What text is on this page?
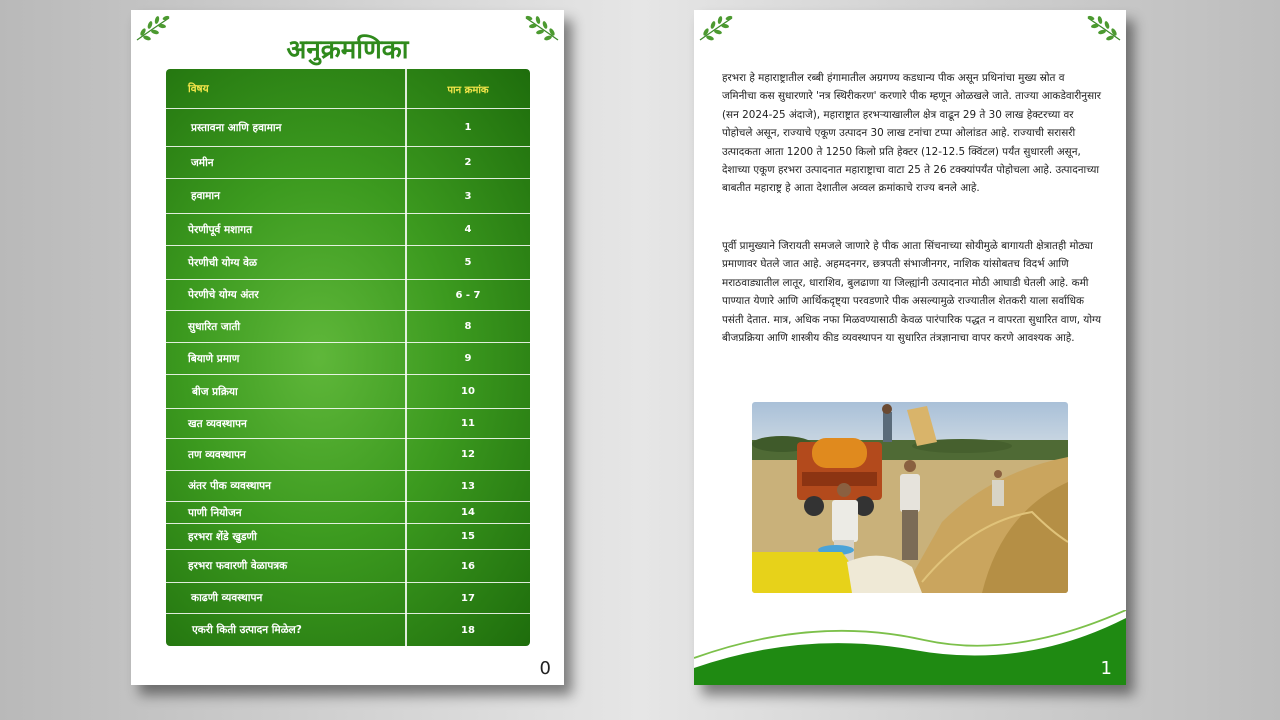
अनुक्रमणिका
विषय	पान क्रमांक
प्रस्तावना आणि हवामान	1
जमीन	2
हवामान	3
पेरणीपूर्व मशागत	4
पेरणीची योग्य वेळ	5
पेरणीचे योग्य अंतर	6 - 7
सुधारित जाती	8
बियाणे प्रमाण	9
बीज प्रक्रिया	10
खत व्यवस्थापन	11
तण व्यवस्थापन	12
अंतर पीक व्यवस्थापन	13
पाणी नियोजन	14
हरभरा शेंडे खुडणी	15
हरभरा फवारणी वेळापत्रक	16
काढणी व्यवस्थापन	17
एकरी किती उत्पादन मिळेल?	18
0

हरभरा हे महाराष्ट्रातील रब्बी हंगामातील अग्रगण्य कडधान्य पीक असून प्रथिनांचा मुख्य स्रोत व जमिनीचा कस सुधारणारे 'नत्र स्थिरीकरण' करणारे पीक म्हणून ओळखले जाते. ताज्या आकडेवारीनुसार (सन 2024-25 अंदाजे), महाराष्ट्रात हरभऱ्याखालील क्षेत्र वाढून 29 ते 30 लाख हेक्टरच्या वर पोहोचले असून, राज्याचे एकूण उत्पादन 30 लाख टनांचा टप्पा ओलांडत आहे. राज्याची सरासरी उत्पादकता आता 1200 ते 1250 किलो प्रति हेक्टर (12-12.5 क्विंटल) पर्यंत सुधारली असून, देशाच्या एकूण हरभरा उत्पादनात महाराष्ट्राचा वाटा 25 ते 26 टक्क्यांपर्यंत पोहोचला आहे. उत्पादनाच्या बाबतीत महाराष्ट्र हे आता देशातील अव्वल क्रमांकाचे राज्य बनले आहे.

पूर्वी प्रामुख्याने जिरायती समजले जाणारे हे पीक आता सिंचनाच्या सोयीमुळे बागायती क्षेत्रातही मोठ्या प्रमाणावर घेतले जात आहे. अहमदनगर, छत्रपती संभाजीनगर, नाशिक यांसोबतच विदर्भ आणि मराठवाड्यातील लातूर, धाराशिव, बुलढाणा या जिल्ह्यांनी उत्पादनात मोठी आघाडी घेतली आहे. कमी पाण्यात येणारे आणि आर्थिकदृष्ट्या परवडणारे पीक असल्यामुळे राज्यातील शेतकरी याला सर्वाधिक पसंती देतात. मात्र, अधिक नफा मिळवण्यासाठी केवळ पारंपारिक पद्धत न वापरता सुधारित वाण, योग्य बीजप्रक्रिया आणि शास्त्रीय कीड व्यवस्थापन या सुधारित तंत्रज्ञानाचा वापर करणे आवश्यक आहे.

1
